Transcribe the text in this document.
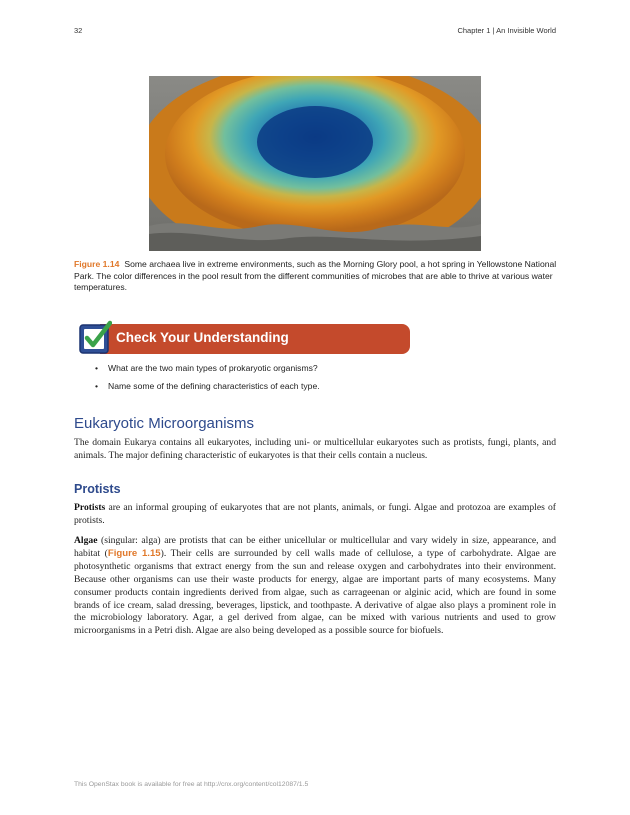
32	Chapter 1 | An Invisible World
Figure 1.14 Some archaea live in extreme environments, such as the Morning Glory pool, a hot spring in Yellowstone National Park. The color differences in the pool result from the different communities of microbes that are able to thrive at various water temperatures.
Check Your Understanding
• What are the two main types of prokaryotic organisms?
• Name some of the defining characteristics of each type.
Eukaryotic Microorganisms

The domain Eukarya contains all eukaryotes, including uni- or multicellular eukaryotes such as protists, fungi, plants, and animals. The major defining characteristic of eukaryotes is that their cells contain a nucleus.

Protists

Protists are an informal grouping of eukaryotes that are not plants, animals, or fungi. Algae and protozoa are examples of protists.

Algae (singular: alga) are protists that can be either unicellular or multicellular and vary widely in size, appearance, and habitat (Figure 1.15). Their cells are surrounded by cell walls made of cellulose, a type of carbohydrate. Algae are photosynthetic organisms that extract energy from the sun and release oxygen and carbohydrates into their environment. Because other organisms can use their waste products for energy, algae are important parts of many ecosystems. Many consumer products contain ingredients derived from algae, such as carrageenan or alginic acid, which are found in some brands of ice cream, salad dressing, beverages, lipstick, and toothpaste. A derivative of algae also plays a prominent role in the microbiology laboratory. Agar, a gel derived from algae, can be mixed with various nutrients and used to grow microorganisms in a Petri dish. Algae are also being developed as a possible source for biofuels.

This OpenStax book is available for free at http://cnx.org/content/col12087/1.5
